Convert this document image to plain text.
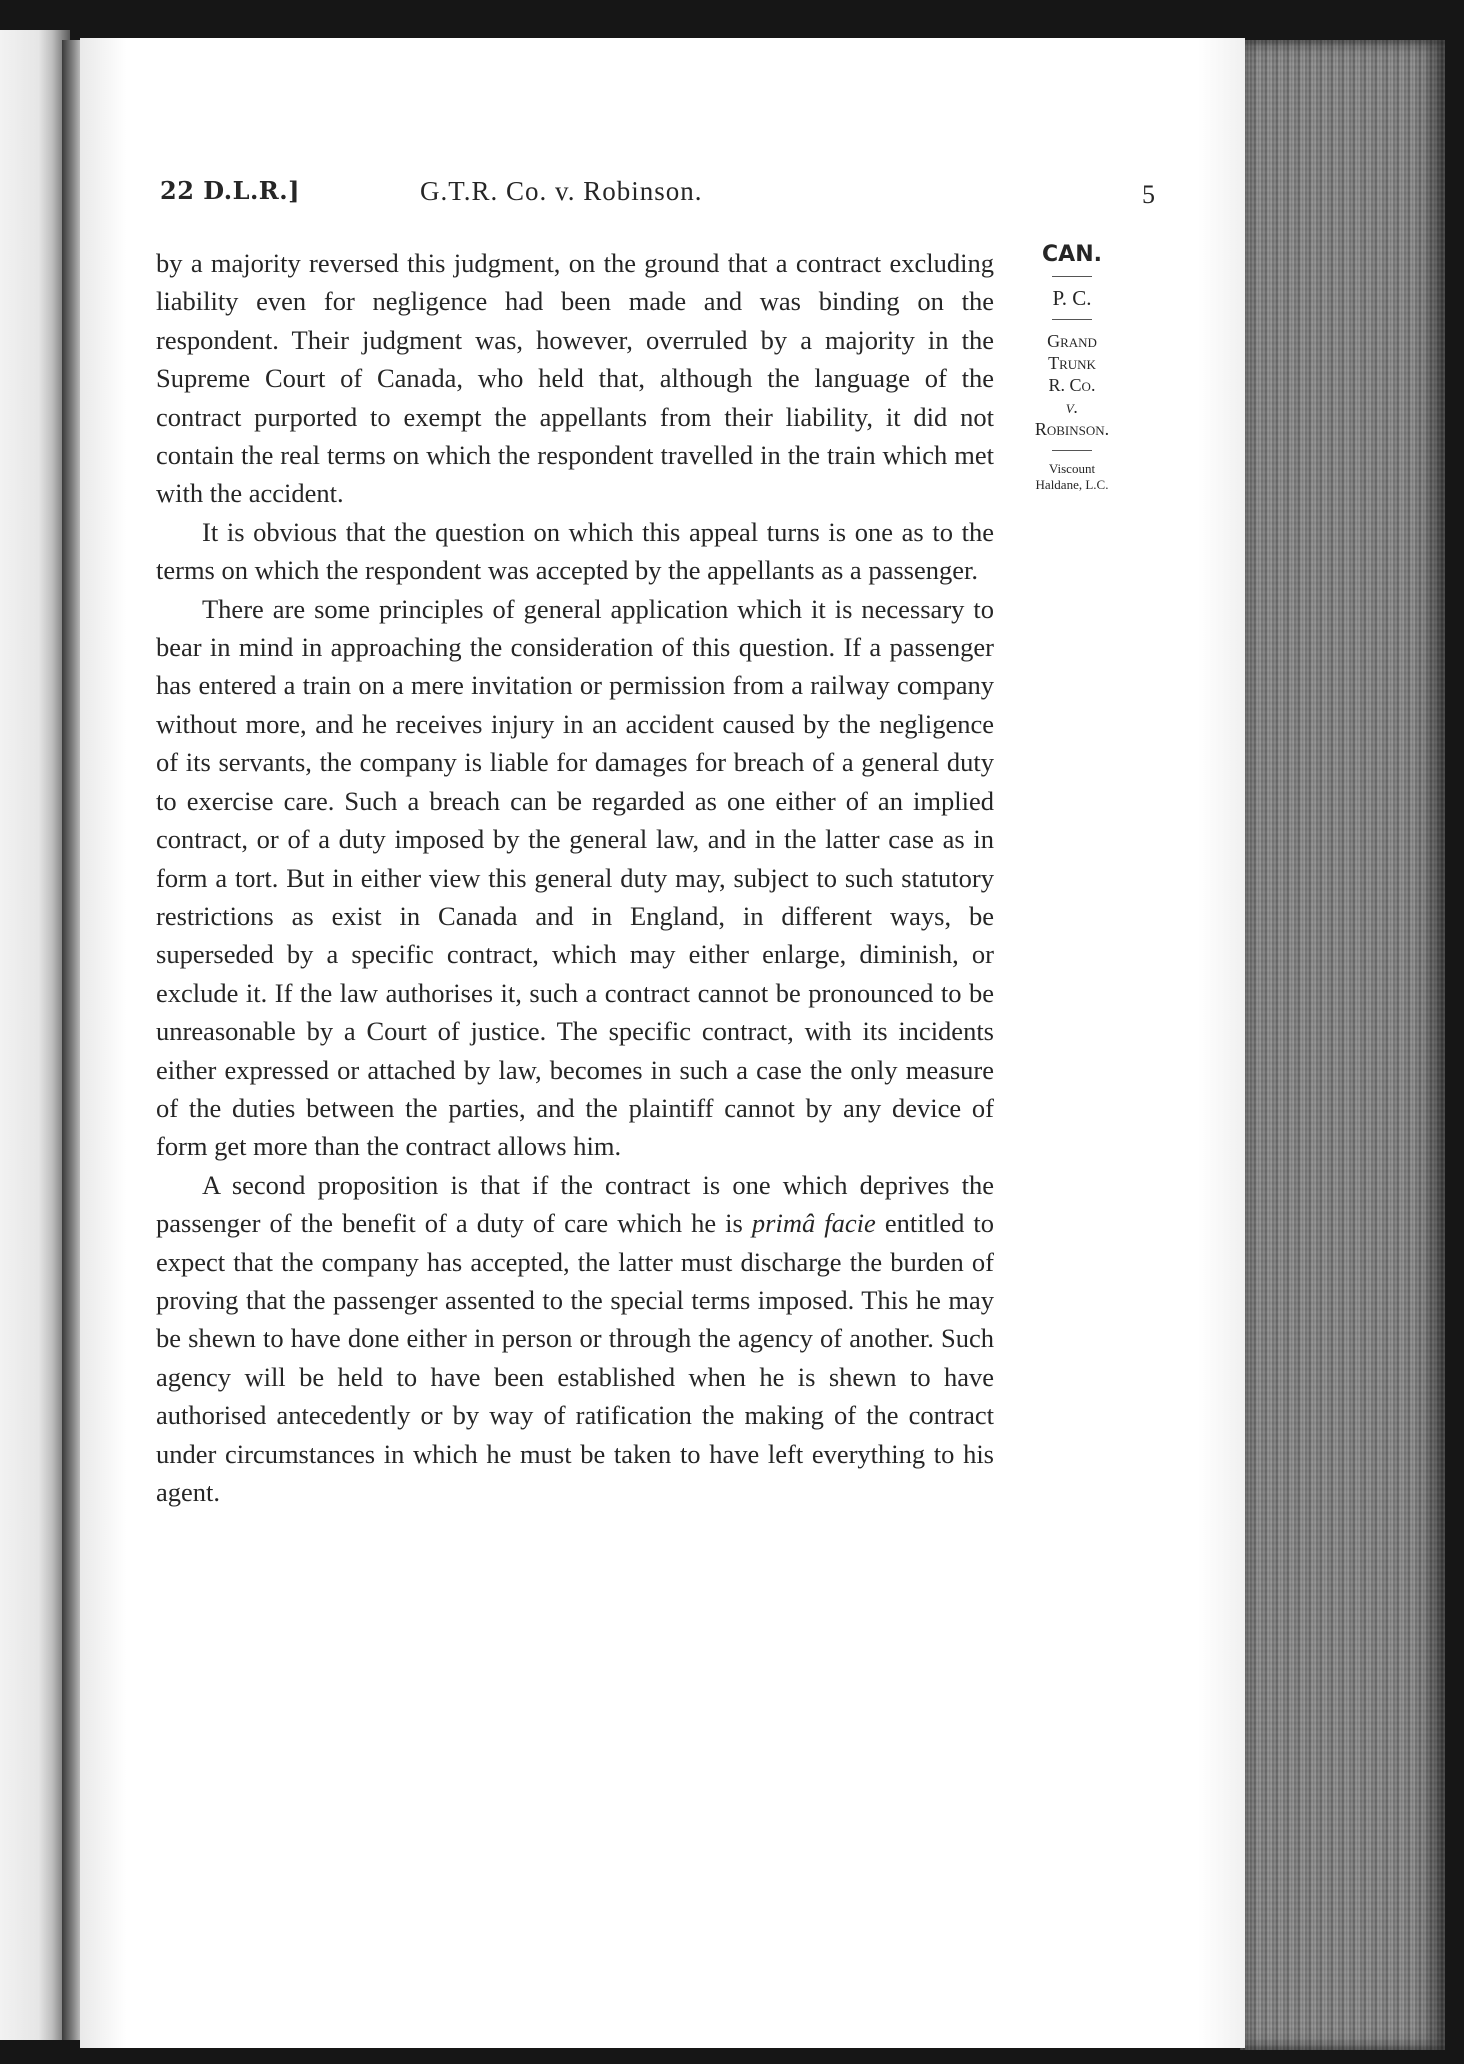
22 D.L.R.]	G.T.R. Co. v. Robinson.	5

by a majority reversed this judgment, on the ground that a contract excluding liability even for negligence had been made and was binding on the respondent. Their judgment was, however, overruled by a majority in the Supreme Court of Canada, who held that, although the language of the contract purported to exempt the appellants from their liability, it did not contain the real terms on which the respondent travelled in the train which met with the accident.

It is obvious that the question on which this appeal turns is one as to the terms on which the respondent was accepted by the appellants as a passenger.

There are some principles of general application which it is necessary to bear in mind in approaching the consideration of this question. If a passenger has entered a train on a mere invitation or permission from a railway company without more, and he receives injury in an accident caused by the negligence of its servants, the company is liable for damages for breach of a general duty to exercise care. Such a breach can be regarded as one either of an implied contract, or of a duty imposed by the general law, and in the latter case as in form a tort. But in either view this general duty may, subject to such statutory restrictions as exist in Canada and in England, in different ways, be superseded by a specific contract, which may either enlarge, diminish, or exclude it. If the law authorises it, such a contract cannot be pronounced to be unreasonable by a Court of justice. The specific contract, with its incidents either expressed or attached by law, becomes in such a case the only measure of the duties between the parties, and the plaintiff cannot by any device of form get more than the contract allows him.

A second proposition is that if the contract is one which deprives the passenger of the benefit of a duty of care which he is primâ facie entitled to expect that the company has accepted, the latter must discharge the burden of proving that the passenger assented to the special terms imposed. This he may be shewn to have done either in person or through the agency of another. Such agency will be held to have been established when he is shewn to have authorised antecedently or by way of ratification the making of the contract under circumstances in which he must be taken to have left everything to his agent.

CAN.
P. C.
Grand
Trunk
R. Co.
v.
Robinson.
Viscount
Haldane, L.C.
